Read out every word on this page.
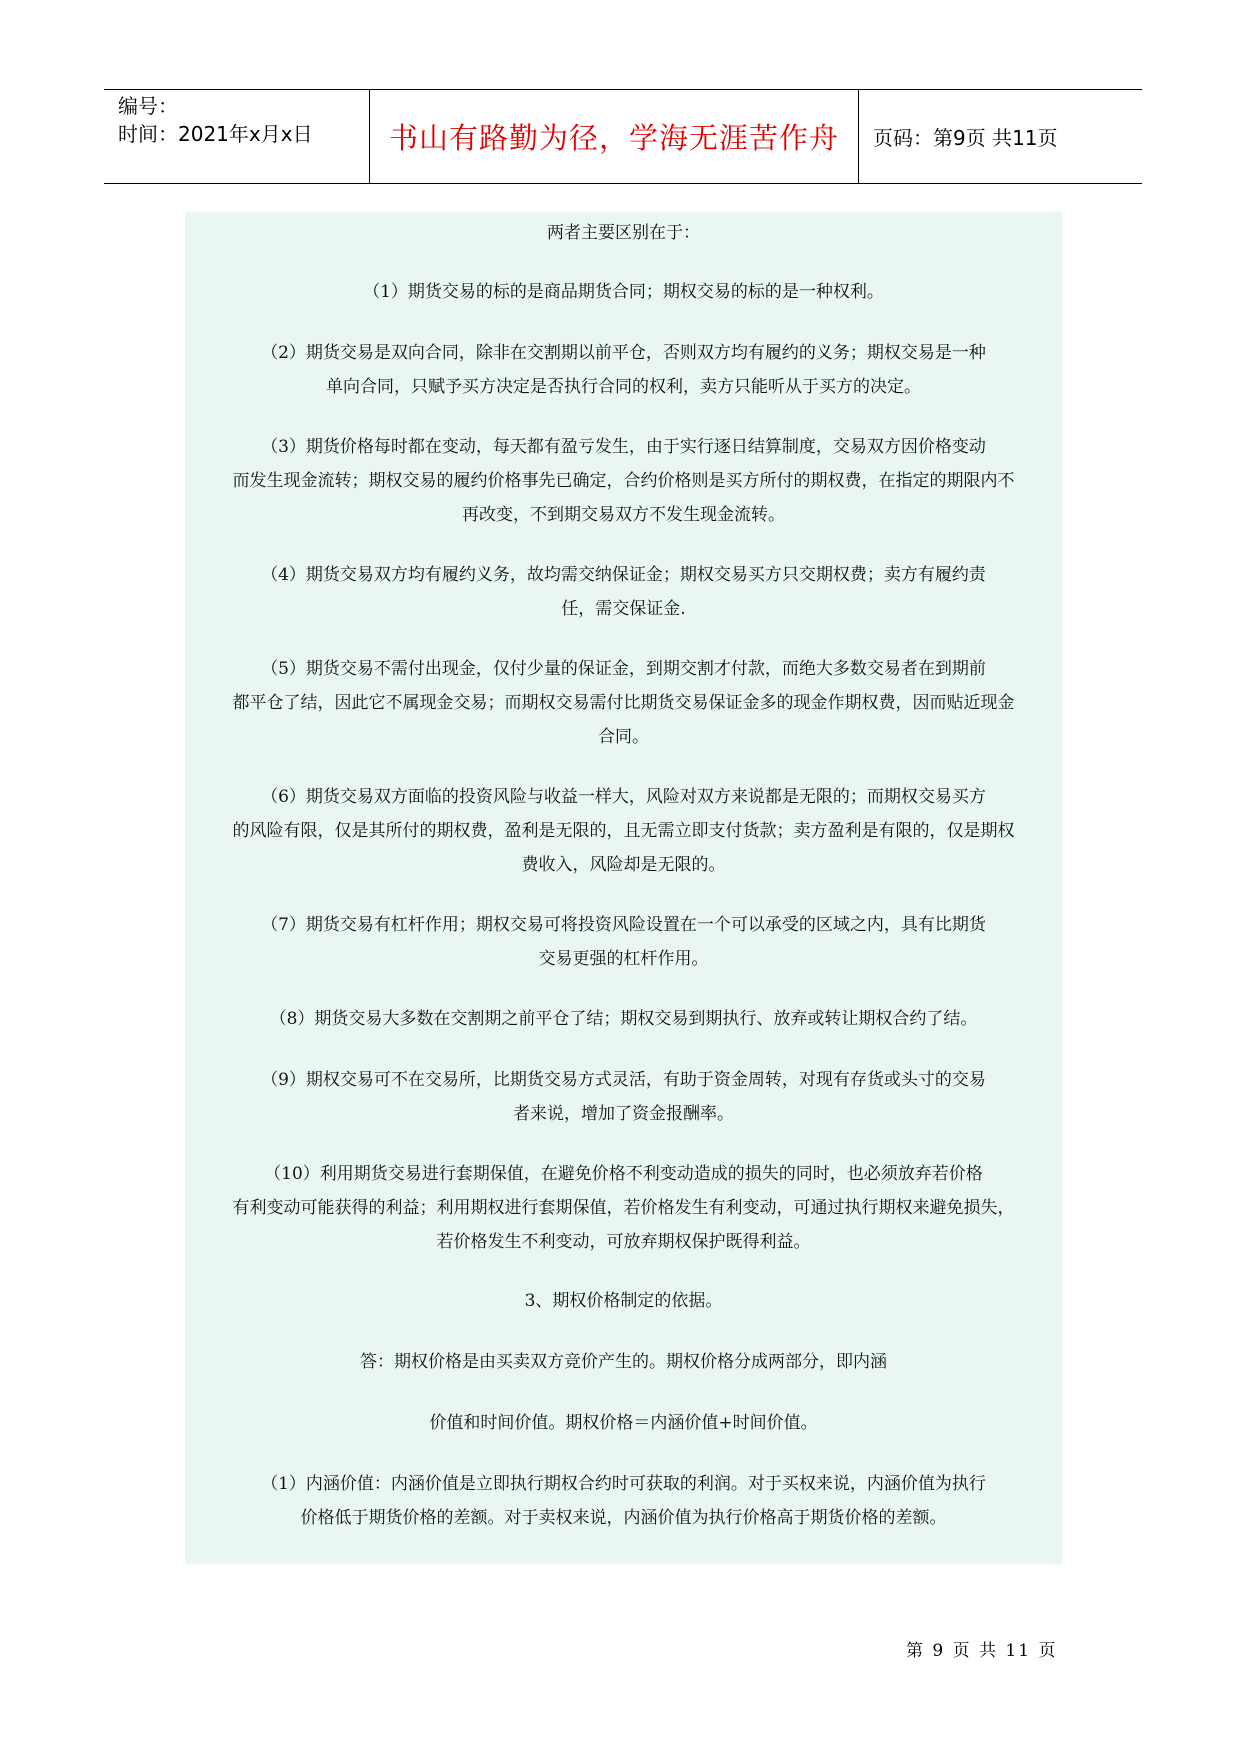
编号：
时间：2021年x月x日	书山有路勤为径，学海无涯苦作舟 页码：第9页 共11页
两者主要区别在于：
（1）期货交易的标的是商品期货合同；期权交易的标的是一种权利。
（2）期货交易是双向合同，除非在交割期以前平仓，否则双方均有履约的义务；期权交易是一种
单向合同，只赋予买方决定是否执行合同的权利，卖方只能听从于买方的决定。
（3）期货价格每时都在变动，每天都有盈亏发生，由于实行逐日结算制度，交易双方因价格变动
而发生现金流转；期权交易的履约价格事先已确定，合约价格则是买方所付的期权费，在指定的期限内不
再改变，不到期交易双方不发生现金流转。
（4）期货交易双方均有履约义务，故均需交纳保证金；期权交易买方只交期权费；卖方有履约责
任，需交保证金.
（5）期货交易不需付出现金，仅付少量的保证金，到期交割才付款，而绝大多数交易者在到期前
都平仓了结，因此它不属现金交易；而期权交易需付比期货交易保证金多的现金作期权费，因而贴近现金
合同。
（6）期货交易双方面临的投资风险与收益一样大，风险对双方来说都是无限的；而期权交易买方
的风险有限，仅是其所付的期权费，盈利是无限的，且无需立即支付货款；卖方盈利是有限的，仅是期权
费收入，风险却是无限的。
（7）期货交易有杠杆作用；期权交易可将投资风险设置在一个可以承受的区域之内，具有比期货
交易更强的杠杆作用。
（8）期货交易大多数在交割期之前平仓了结；期权交易到期执行、放弃或转让期权合约了结。
（9）期权交易可不在交易所，比期货交易方式灵活，有助于资金周转，对现有存货或头寸的交易
者来说，增加了资金报酬率。
（10）利用期货交易进行套期保值，在避免价格不利变动造成的损失的同时，也必须放弃若价格
有利变动可能获得的利益；利用期权进行套期保值，若价格发生有利变动，可通过执行期权来避免损失，
若价格发生不利变动，可放弃期权保护既得利益。
3、期权价格制定的依据。
答：期权价格是由买卖双方竞价产生的。期权价格分成两部分，即内涵
价值和时间价值。期权价格＝内涵价值+时间价值。
（1）内涵价值：内涵价值是立即执行期权合约时可获取的利润。对于买权来说，内涵价值为执行
价格低于期货价格的差额。对于卖权来说，内涵价值为执行价格高于期货价格的差额。
第 9 页 共 11 页
